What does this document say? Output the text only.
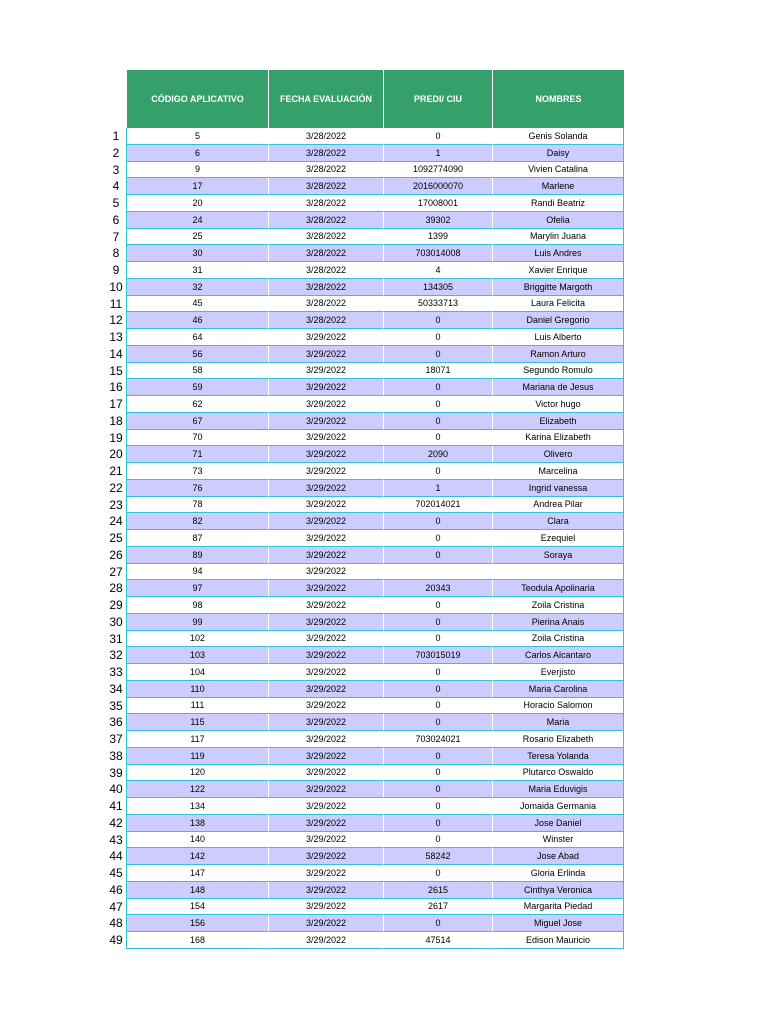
CÓDIGO APLICATIVO	FECHA EVALUACIÓN	PREDI/ CIU	NOMBRES
1	5	3/28/2022	0	Genis Solanda
2	6	3/28/2022	1	Daisy
3	9	3/28/2022	1092774090	Vivien Catalina
4	17	3/28/2022	2016000070	Marlene
5	20	3/28/2022	17008001	Randi Beatriz
6	24	3/28/2022	39302	Ofelia
7	25	3/28/2022	1399	Marylin Juana
8	30	3/28/2022	703014008	Luis Andres
9	31	3/28/2022	4	Xavier Enrique
10	32	3/28/2022	134305	Briggitte Margoth
11	45	3/28/2022	50333713	Laura Felicita
12	46	3/28/2022	0	Daniel Gregorio
13	64	3/29/2022	0	Luis Alberto
14	56	3/29/2022	0	Ramon Arturo
15	58	3/29/2022	18071	Segundo Romulo
16	59	3/29/2022	0	Mariana de Jesus
17	62	3/29/2022	0	Victor hugo
18	67	3/29/2022	0	Elizabeth
19	70	3/29/2022	0	Karina Elizabeth
20	71	3/29/2022	2090	Olivero
21	73	3/29/2022	0	Marcelina
22	76	3/29/2022	1	Ingrid vanessa
23	78	3/29/2022	702014021	Andrea Pilar
24	82	3/29/2022	0	Clara
25	87	3/29/2022	0	Ezequiel
26	89	3/29/2022	0	Soraya
27	94	3/29/2022
28	97	3/29/2022	20343	Teodula Apolinaria
29	98	3/29/2022	0	Zoila Cristina
30	99	3/29/2022	0	Pierina Anais
31	102	3/29/2022	0	Zoila Cristina
32	103	3/29/2022	703015019	Carlos Alcantaro
33	104	3/29/2022	0	Everjisto
34	110	3/29/2022	0	Maria Carolina
35	111	3/29/2022	0	Horacio Salomon
36	115	3/29/2022	0	Maria
37	117	3/29/2022	703024021	Rosario Elizabeth
38	119	3/29/2022	0	Teresa Yolanda
39	120	3/29/2022	0	Plutarco Oswaldo
40	122	3/29/2022	0	Maria Eduvigis
41	134	3/29/2022	0	Jomaida Germania
42	138	3/29/2022	0	Jose Daniel
43	140	3/29/2022	0	Winster
44	142	3/29/2022	58242	Jose Abad
45	147	3/29/2022	0	Gloria Erlinda
46	148	3/29/2022	2615	Cinthya Veronica
47	154	3/29/2022	2617	Margarita Piedad
48	156	3/29/2022	0	Miguel Jose
49	168	3/29/2022	47514	Edison Mauricio
